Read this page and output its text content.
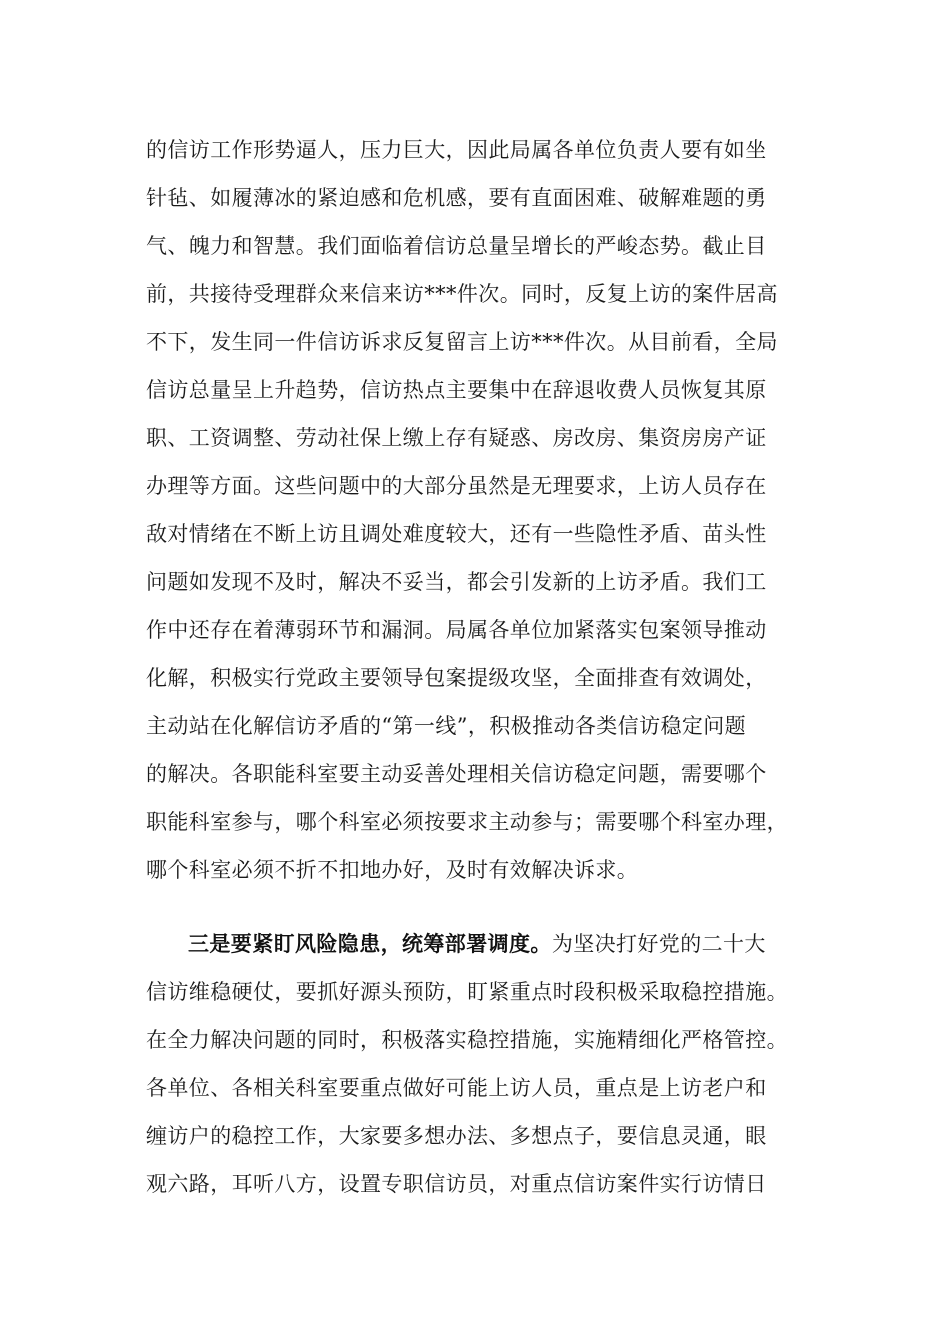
的信访工作形势逼人，压力巨大，因此局属各单位负责人要有如坐
针毡、如履薄冰的紧迫感和危机感，要有直面困难、破解难题的勇
气、魄力和智慧。我们面临着信访总量呈增长的严峻态势。截止目
前，共接待受理群众来信来访***件次。同时，反复上访的案件居高
不下，发生同一件信访诉求反复留言上访***件次。从目前看，全局
信访总量呈上升趋势，信访热点主要集中在辞退收费人员恢复其原
职、工资调整、劳动社保上缴上存有疑惑、房改房、集资房房产证
办理等方面。这些问题中的大部分虽然是无理要求，上访人员存在
敌对情绪在不断上访且调处难度较大，还有一些隐性矛盾、苗头性
问题如发现不及时，解决不妥当，都会引发新的上访矛盾。我们工
作中还存在着薄弱环节和漏洞。局属各单位加紧落实包案领导推动
化解，积极实行党政主要领导包案提级攻坚，全面排查有效调处，
主动站在化解信访矛盾的“第一线”，积极推动各类信访稳定问题
的解决。各职能科室要主动妥善处理相关信访稳定问题，需要哪个
职能科室参与，哪个科室必须按要求主动参与；需要哪个科室办理，
哪个科室必须不折不扣地办好，及时有效解决诉求。
三是要紧盯风险隐患，统筹部署调度。为坚决打好党的二十大
信访维稳硬仗，要抓好源头预防，盯紧重点时段积极采取稳控措施。
在全力解决问题的同时，积极落实稳控措施，实施精细化严格管控。
各单位、各相关科室要重点做好可能上访人员，重点是上访老户和
缠访户的稳控工作，大家要多想办法、多想点子，要信息灵通，眼
观六路，耳听八方，设置专职信访员，对重点信访案件实行访情日
